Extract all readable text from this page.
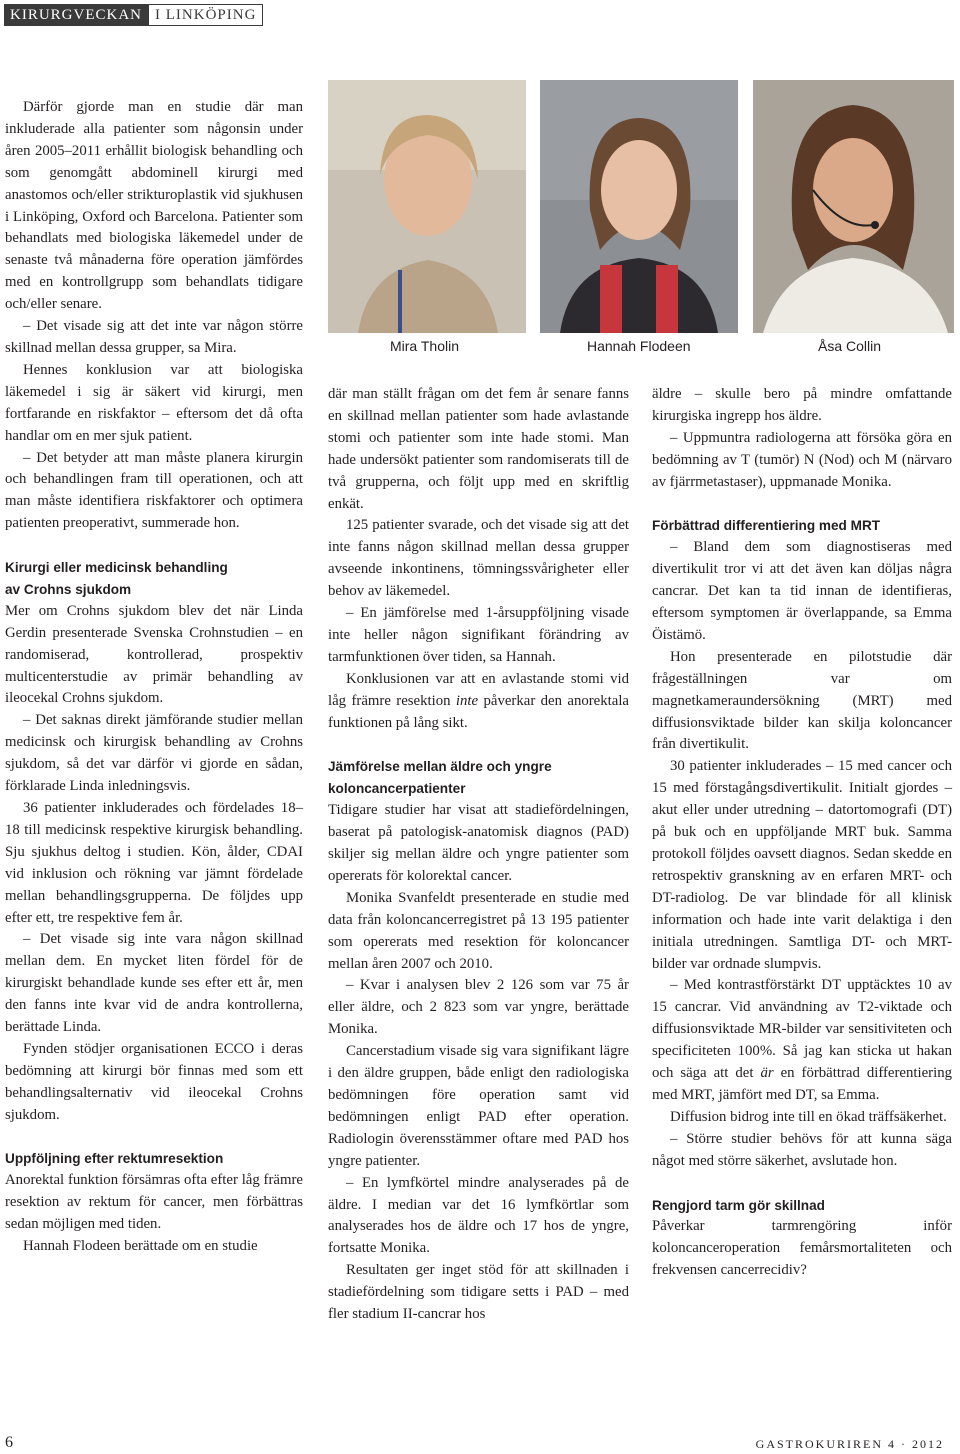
KIRURGVECKAN I LINKÖPING
Mira Tholin	Hannah Flodeen	Åsa Collin

Därför gjorde man en studie där man inkluderade alla patienter som någonsin under åren 2005–2011 erhållit biologisk behandling och som genomgått abdominell kirurgi med anastomos och/eller strikturoplastik vid sjukhusen i Linköping, Oxford och Barcelona. Patienter som behandlats med biologiska läkemedel under de senaste två månaderna före operation jämfördes med en kontrollgrupp som behandlats tidigare och/eller senare.

– Det visade sig att det inte var någon större skillnad mellan dessa grupper, sa Mira.

Hennes konklusion var att biologiska läkemedel i sig är säkert vid kirurgi, men fortfarande en riskfaktor – eftersom det då ofta handlar om en mer sjuk patient.

– Det betyder att man måste planera kirurgin och behandlingen fram till operationen, och att man måste identifiera riskfaktorer och optimera patienten preoperativt, summerade hon.

Kirurgi eller medicinsk behandling
av Crohns sjukdom

Mer om Crohns sjukdom blev det när Linda Gerdin presenterade Svenska Crohnstudien – en randomiserad, kontrollerad, prospektiv multicenterstudie av primär behandling av ileocekal Crohns sjukdom.

– Det saknas direkt jämförande studier mellan medicinsk och kirurgisk behandling av Crohns sjukdom, så det var därför vi gjorde en sådan, förklarade Linda inledningsvis.

36 patienter inkluderades och fördelades 18–18 till medicinsk respektive kirurgisk behandling. Sju sjukhus deltog i studien. Kön, ålder, CDAI vid inklusion och rökning var jämnt fördelade mellan behandlingsgrupperna. De följdes upp efter ett, tre respektive fem år.

– Det visade sig inte vara någon skillnad mellan dem. En mycket liten fördel för de kirurgiskt behandlade kunde ses efter ett år, men den fanns inte kvar vid de andra kontrollerna, berättade Linda.

Fynden stödjer organisationen ECCO i deras bedömning att kirurgi bör finnas med som ett behandlingsalternativ vid ileocekal Crohns sjukdom.

Uppföljning efter rektumresektion

Anorektal funktion försämras ofta efter låg främre resektion av rektum för cancer, men förbättras sedan möjligen med tiden.

Hannah Flodeen berättade om en studie

där man ställt frågan om det fem år senare fanns en skillnad mellan patienter som hade avlastande stomi och patienter som inte hade stomi. Man hade undersökt patienter som randomiserats till de två grupperna, och följt upp med en skriftlig enkät.

125 patienter svarade, och det visade sig att det inte fanns någon skillnad mellan dessa grupper avseende inkontinens, tömningssvårigheter eller behov av läkemedel.

– En jämförelse med 1-årsuppföljning visade inte heller någon signifikant förändring av tarmfunktionen över tiden, sa Hannah.

Konklusionen var att en avlastande stomi vid låg främre resektion inte påverkar den anorektala funktionen på lång sikt.

Jämförelse mellan äldre och yngre
koloncancerpatienter

Tidigare studier har visat att stadiefördelningen, baserat på patologisk-anatomisk diagnos (PAD) skiljer sig mellan äldre och yngre patienter som opererats för kolorektal cancer.

Monika Svanfeldt presenterade en studie med data från koloncancerregistret på 13 195 patienter som opererats med resektion för koloncancer mellan åren 2007 och 2010.

– Kvar i analysen blev 2 126 som var 75 år eller äldre, och 2 823 som var yngre, berättade Monika.

Cancerstadium visade sig vara signifikant lägre i den äldre gruppen, både enligt den radiologiska bedömningen före operation samt vid bedömningen enligt PAD efter operation. Radiologin överensstämmer oftare med PAD hos yngre patienter.

– En lymfkörtel mindre analyserades på de äldre. I median var det 16 lymfkörtlar som analyserades hos de äldre och 17 hos de yngre, fortsatte Monika.

Resultaten ger inget stöd för att skillnaden i stadiefördelning som tidigare setts i PAD – med fler stadium II-cancrar hos

äldre – skulle bero på mindre omfattande kirurgiska ingrepp hos äldre.

– Uppmuntra radiologerna att försöka göra en bedömning av T (tumör) N (Nod) och M (närvaro av fjärrmetastaser), uppmanade Monika.

Förbättrad differentiering med MRT

– Bland dem som diagnostiseras med divertikulit tror vi att det även kan döljas några cancrar. Det kan ta tid innan de identifieras, eftersom symptomen är överlappande, sa Emma Öistämö.

Hon presenterade en pilotstudie där frågeställningen var om magnetkameraundersökning (MRT) med diffusionsviktade bilder kan skilja koloncancer från divertikulit.

30 patienter inkluderades – 15 med cancer och 15 med förstagångsdivertikulit. Initialt gjordes – akut eller under utredning – datortomografi (DT) på buk och en uppföljande MRT buk. Samma protokoll följdes oavsett diagnos. Sedan skedde en retrospektiv granskning av en erfaren MRT- och DT-radiolog. De var blindade för all klinisk information och hade inte varit delaktiga i den initiala utredningen. Samtliga DT- och MRT-bilder var ordnade slumpvis.

– Med kontrastförstärkt DT upptäcktes 10 av 15 cancrar. Vid användning av T2-viktade och diffusionsviktade MR-bilder var sensitiviteten och specificiteten 100%. Så jag kan sticka ut hakan och säga att det är en förbättrad differentiering med MRT, jämfört med DT, sa Emma.

Diffusion bidrog inte till en ökad träffsäkerhet.

– Större studier behövs för att kunna säga något med större säkerhet, avslutade hon.

Rengjord tarm gör skillnad

Påverkar tarmrengöring inför koloncanceroperation femårsmortaliteten och frekvensen cancerrecidiv?

6	GASTROKURIREN 4 · 2012
